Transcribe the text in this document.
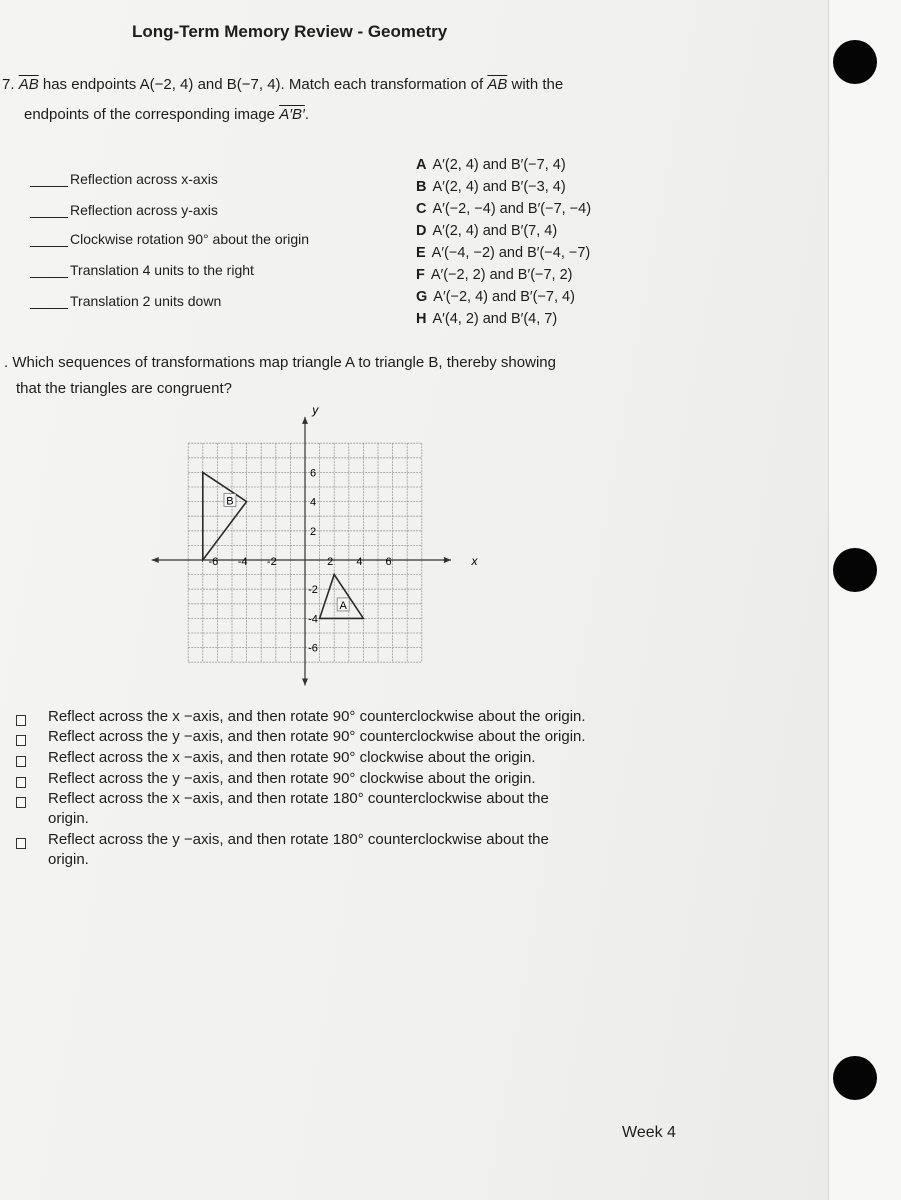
Long-Term Memory Review - Geometry
7. $\overline{AB}$ has endpoints A(−2, 4) and B(−7, 4). Match each transformation of $\overline{AB}$ with the
endpoints of the corresponding image A′B′.
Reflection across x-axis
Reflection across y-axis
Clockwise rotation 90° about the origin
Translation 4 units to the right
Translation 2 units down
A A′(2, 4) and B′(−7, 4)
B A′(2, 4) and B′(−3, 4)
C A′(−2, −4) and B′(−7, −4)
D A′(2, 4) and B′(7, 4)
E A′(−4, −2) and B′(−4, −7)
F A′(−2, 2) and B′(−7, 2)
G A′(−2, 4) and B′(−7, 4)
H A′(4, 2) and B′(4, 7)
. Which sequences of transformations map triangle A to triangle B, thereby showing
that the triangles are congruent?
x
y
-6 -4 -2	2 4 6
6
4
2
-2
-4
-6
B
A
Reflect across the x −axis, and then rotate 90° counterclockwise about the origin.
Reflect across the y −axis, and then rotate 90° counterclockwise about the origin.
Reflect across the x −axis, and then rotate 90° clockwise about the origin.
Reflect across the y −axis, and then rotate 90° clockwise about the origin.
Reflect across the x −axis, and then rotate 180° counterclockwise about the
origin.
Reflect across the y −axis, and then rotate 180° counterclockwise about the
origin.
Week 4
